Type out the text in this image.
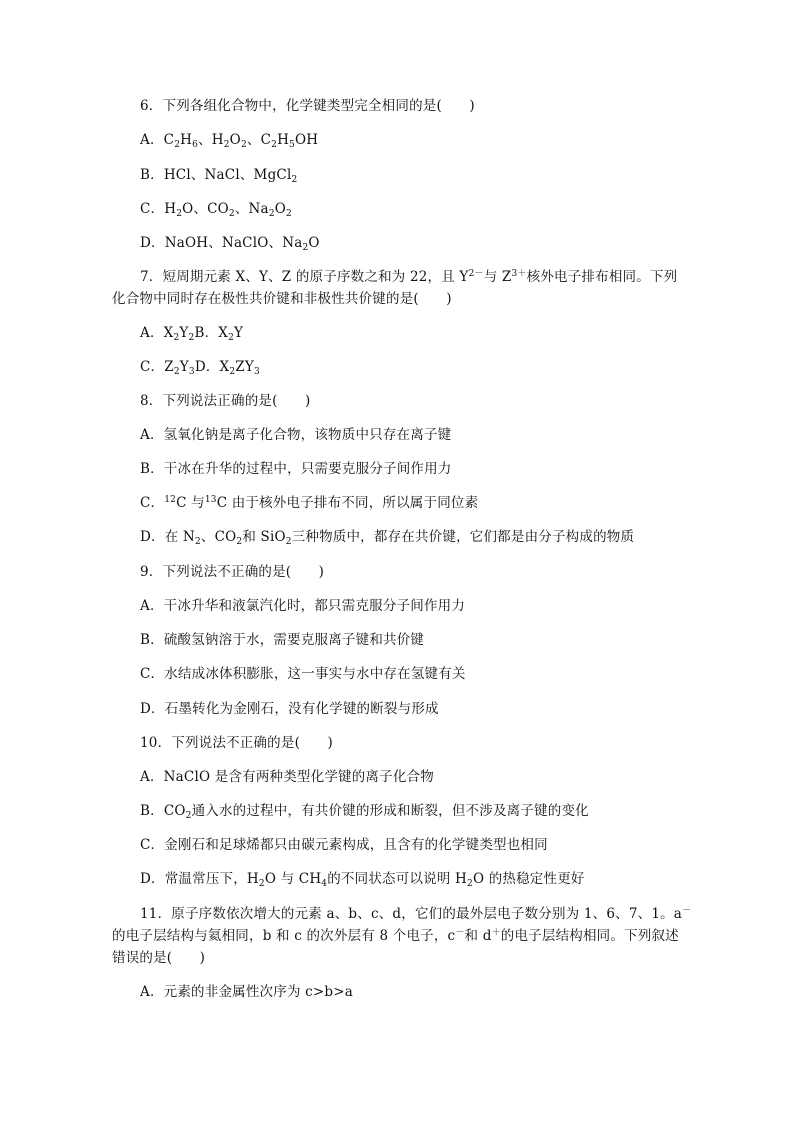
6．下列各组化合物中，化学键类型完全相同的是(　　)
A．$C_2H_6$、$H_2O_2$、$C_2H_5OH$
B．HCl、NaCl、MgCl$_2$
C．$H_2O$、$CO_2$、$Na_2O_2$
D．NaOH、NaClO、$Na_2O$
7．短周期元素 X、Y、Z 的原子序数之和为 22，且 $Y^{2-}$与 $Z^{3+}$核外电子排布相同。下列
化合物中同时存在极性共价键和非极性共价键的是(　　)
A．$X_2Y_2B$．$X_2Y$
C．$Z_2Y_3D$．$X_2ZY_3$
8．下列说法正确的是(　　)
A．氢氧化钠是离子化合物，该物质中只存在离子键
B．干冰在升华的过程中，只需要克服分子间作用力
C．$^{12}$C 与$^{13}$C 由于核外电子排布不同，所以属于同位素
D．在 $N_2$、$CO_2$和 SiO$_2$三种物质中，都存在共价键，它们都是由分子构成的物质
9．下列说法不正确的是(　　)
A．干冰升华和液氯汽化时，都只需克服分子间作用力
B．硫酸氢钠溶于水，需要克服离子键和共价键
C．水结成冰体积膨胀，这一事实与水中存在氢键有关
D．石墨转化为金刚石，没有化学键的断裂与形成
10．下列说法不正确的是(　　)
A．NaClO 是含有两种类型化学键的离子化合物
B．$CO_2$通入水的过程中，有共价键的形成和断裂，但不涉及离子键的变化
C．金刚石和足球烯都只由碳元素构成，且含有的化学键类型也相同
D．常温常压下，$H_2O$ 与 $CH_4$的不同状态可以说明 $H_2O$ 的热稳定性更好
11．原子序数依次增大的元素 a、b、c、d，它们的最外层电子数分别为 1、6、7、1。a－
的电子层结构与氦相同，b 和 c 的次外层有 8 个电子，c－和 d＋的电子层结构相同。下列叙述
错误的是(　　)
A．元素的非金属性次序为 c>b>a
